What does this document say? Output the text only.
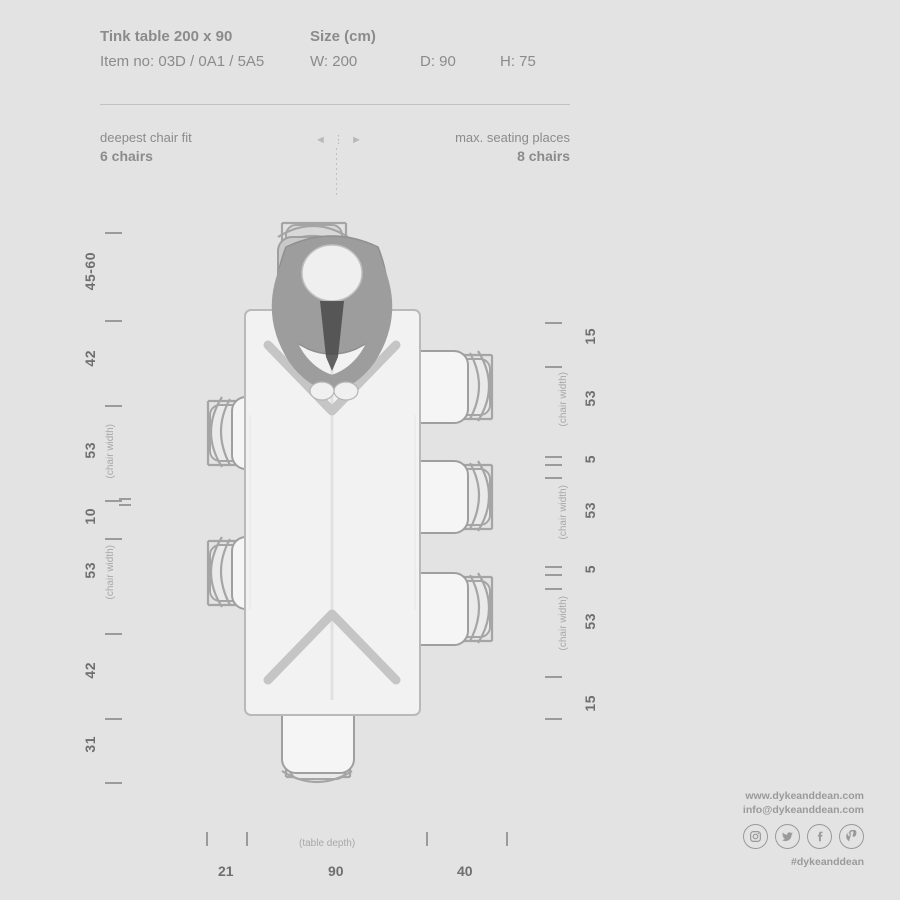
Tink table 200 x 90	Size (cm)
Item no: 03D / 0A1 / 5A5	W: 200	D: 90	H: 75
deepest chair fit
6 chairs
max. seating places
8 chairs
◄ ⋮ ►
45-60
42
53 (chair width)
10
53 (chair width)
42
31
15
53
(chair width)
5
53
(chair width)
5
53
(chair width)
15
(table depth)
21	90	40
www.dykeanddean.com
info@dykeanddean.com
#dykeanddean
